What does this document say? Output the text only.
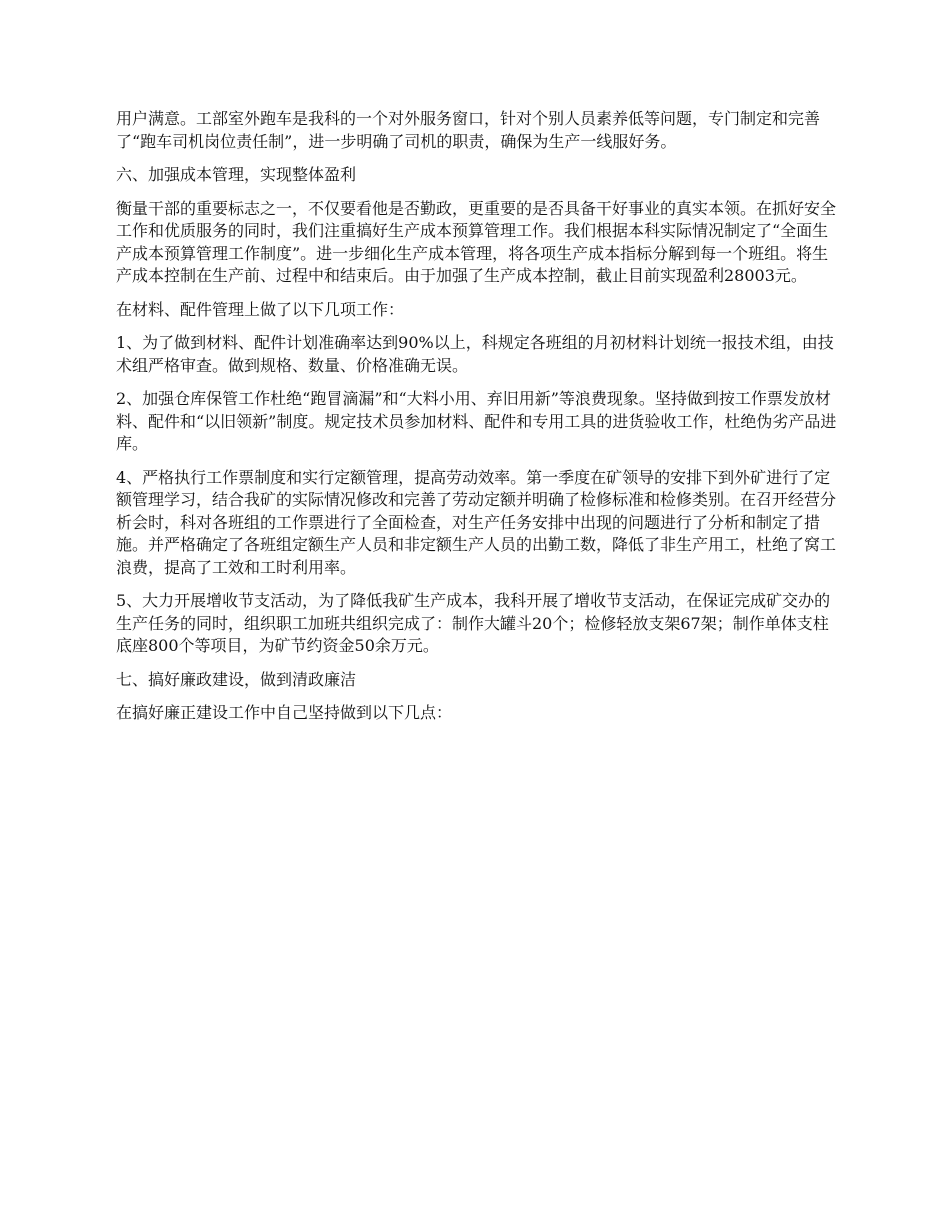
用户满意。工部室外跑车是我科的一个对外服务窗口，针对个别人员素养低等问题，专门制定和完善了“跑车司机岗位责任制”，进一步明确了司机的职责，确保为生产一线服好务。

六、加强成本管理，实现整体盈利

衡量干部的重要标志之一，不仅要看他是否勤政，更重要的是否具备干好事业的真实本领。在抓好安全工作和优质服务的同时，我们注重搞好生产成本预算管理工作。我们根据本科实际情况制定了“全面生产成本预算管理工作制度”。进一步细化生产成本管理，将各项生产成本指标分解到每一个班组。将生产成本控制在生产前、过程中和结束后。由于加强了生产成本控制，截止目前实现盈利28003元。

在材料、配件管理上做了以下几项工作：

1、为了做到材料、配件计划准确率达到90%以上，科规定各班组的月初材料计划统一报技术组，由技术组严格审查。做到规格、数量、价格准确无误。

2、加强仓库保管工作杜绝“跑冒滴漏”和“大料小用、弃旧用新”等浪费现象。坚持做到按工作票发放材料、配件和“以旧领新”制度。规定技术员参加材料、配件和专用工具的进货验收工作，杜绝伪劣产品进库。

4、严格执行工作票制度和实行定额管理，提高劳动效率。第一季度在矿领导的安排下到外矿进行了定额管理学习，结合我矿的实际情况修改和完善了劳动定额并明确了检修标准和检修类别。在召开经营分析会时，科对各班组的工作票进行了全面检查，对生产任务安排中出现的问题进行了分析和制定了措施。并严格确定了各班组定额生产人员和非定额生产人员的出勤工数，降低了非生产用工，杜绝了窝工浪费，提高了工效和工时利用率。

5、大力开展增收节支活动，为了降低我矿生产成本，我科开展了增收节支活动，在保证完成矿交办的生产任务的同时，组织职工加班共组织完成了：制作大罐斗20个；检修轻放支架67架；制作单体支柱底座800个等项目，为矿节约资金50余万元。

七、搞好廉政建设，做到清政廉洁

在搞好廉正建设工作中自己坚持做到以下几点：
